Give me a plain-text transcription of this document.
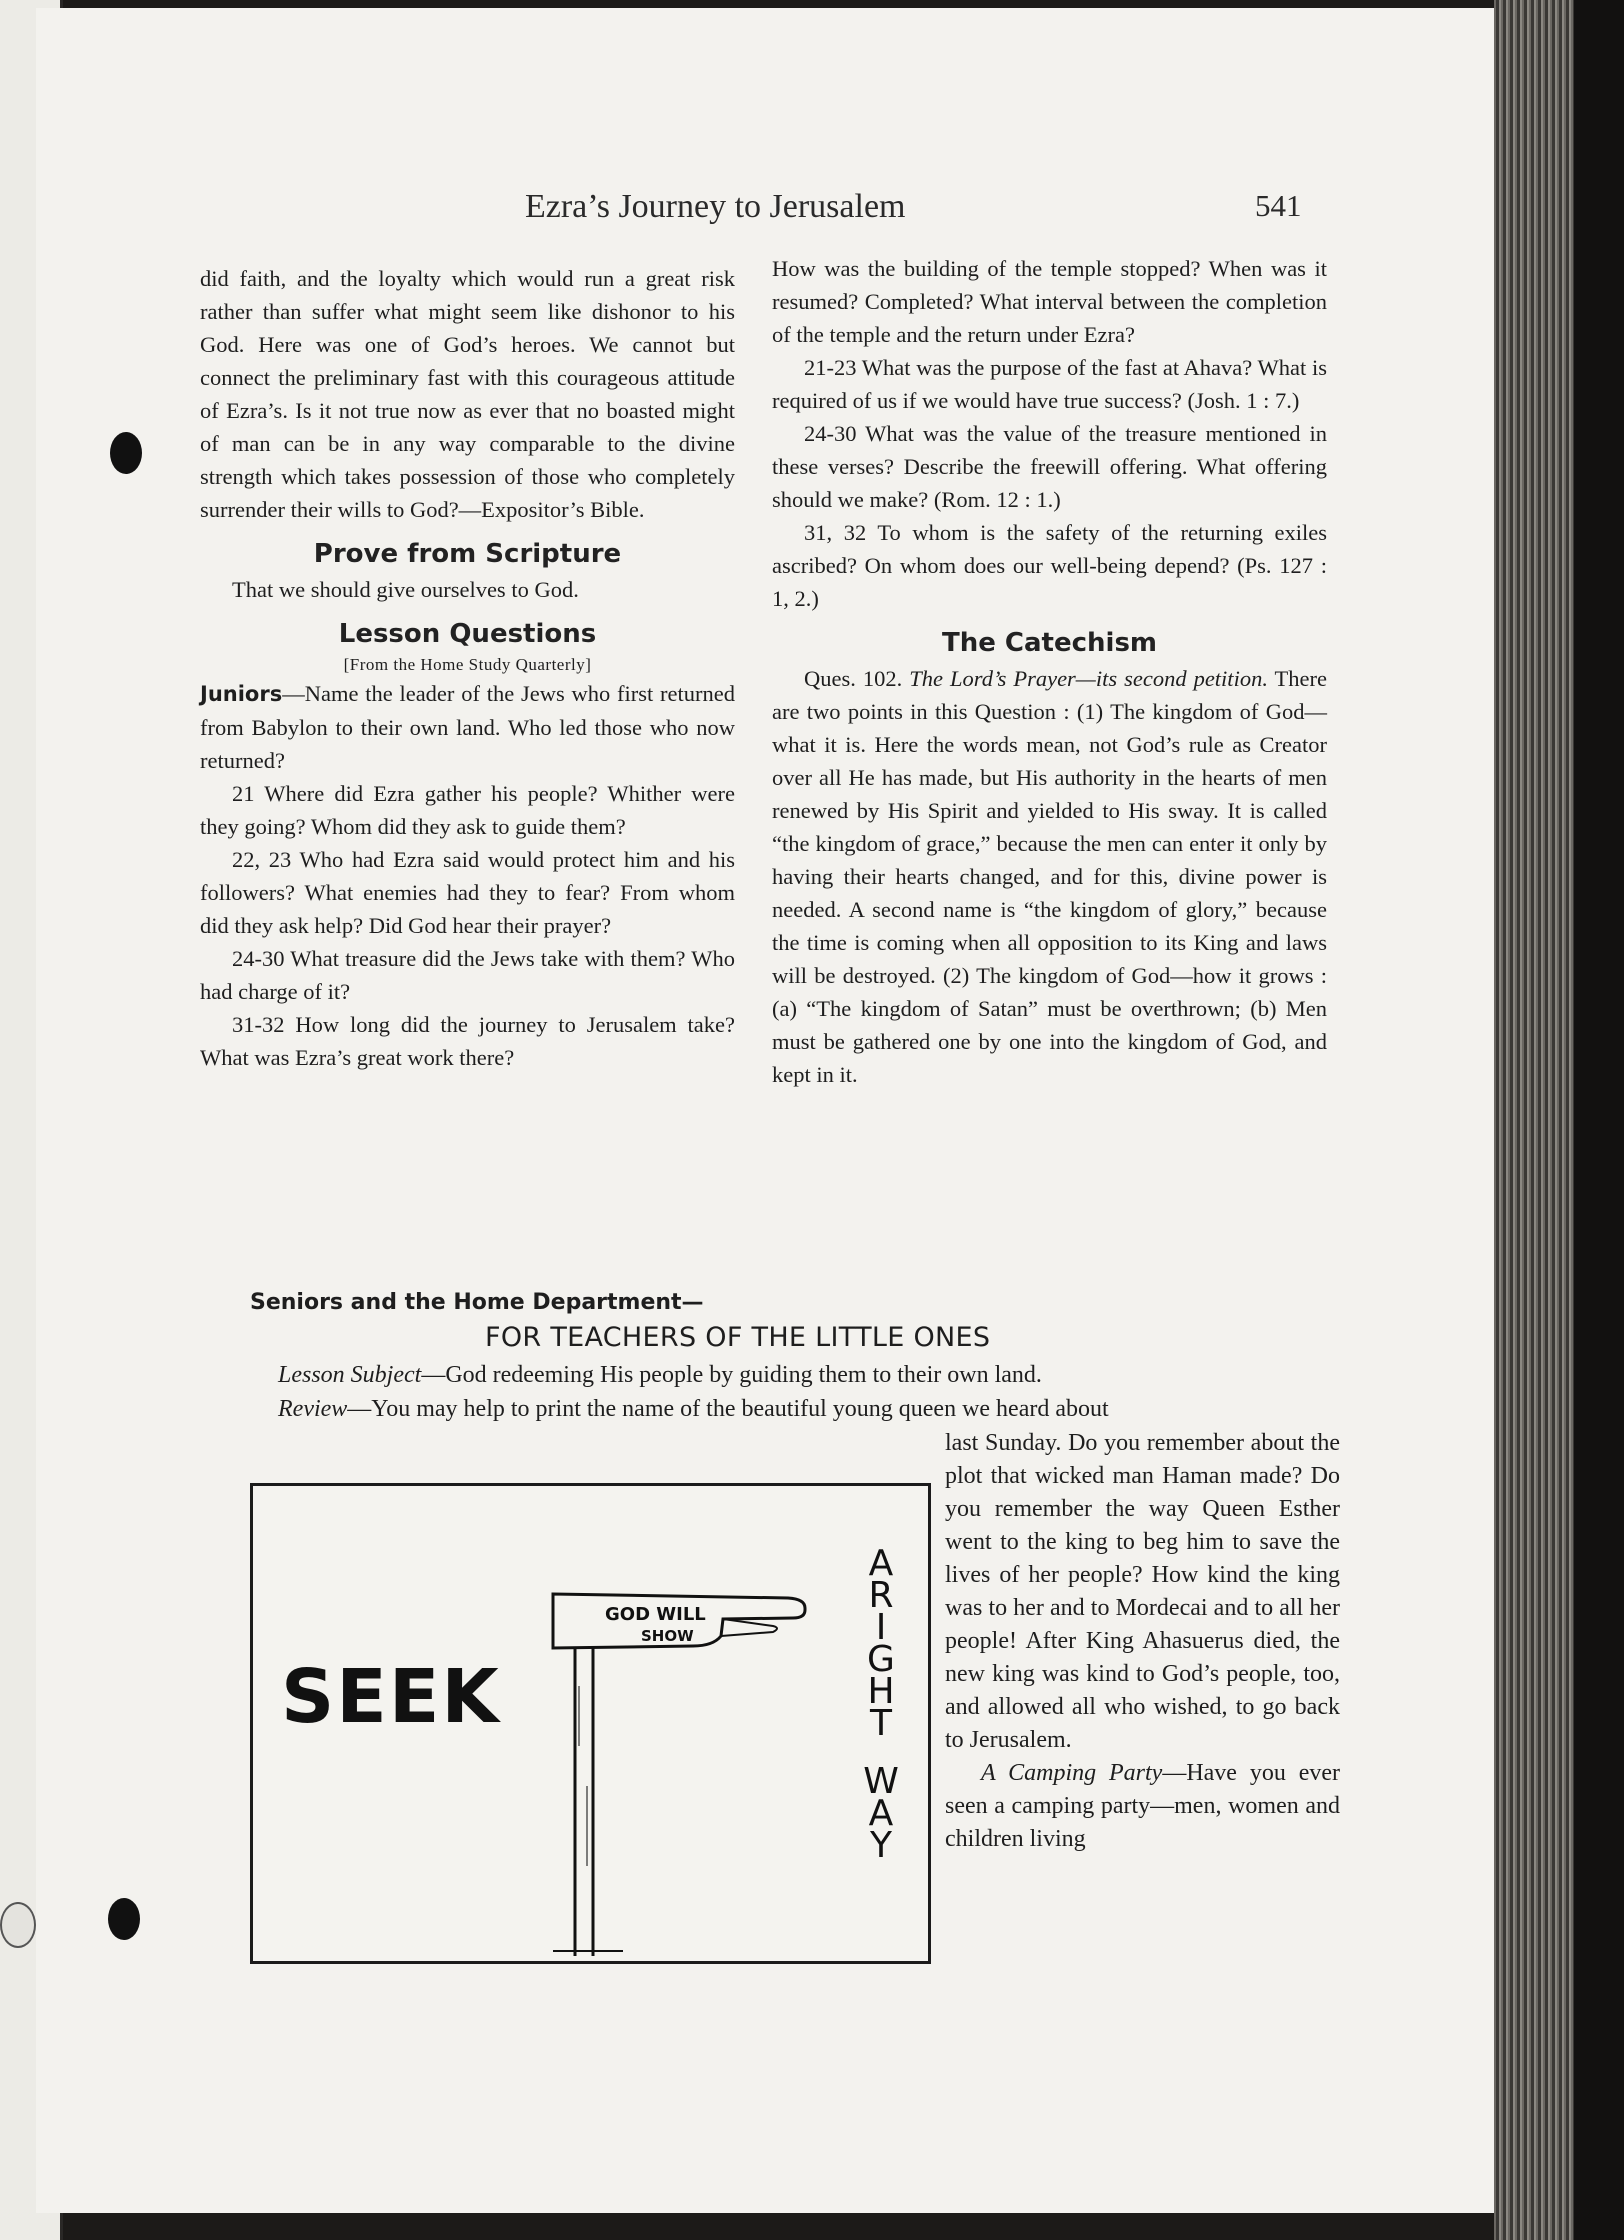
Ezra’s Journey to Jerusalem	541

did faith, and the loyalty which would run a great risk rather than suffer what might seem like dishonor to his God. Here was one of God’s heroes. We cannot but connect the preliminary fast with this courageous attitude of Ezra’s. Is it not true now as ever that no boasted might of man can be in any way comparable to the divine strength which takes possession of those who completely surrender their wills to God?—Expositor’s Bible.

Prove from Scripture

That we should give ourselves to God.

Lesson Questions
[From the Home Study Quarterly]

Juniors—Name the leader of the Jews who first returned from Babylon to their own land. Who led those who now returned?

21 Where did Ezra gather his people? Whither were they going? Whom did they ask to guide them?

22, 23 Who had Ezra said would protect him and his followers? What enemies had they to fear? From whom did they ask help? Did God hear their prayer?

24-30 What treasure did the Jews take with them? Who had charge of it?

31-32 How long did the journey to Jerusalem take? What was Ezra’s great work there?

Seniors and the Home Department—

How was the building of the temple stopped? When was it resumed? Completed? What interval between the completion of the temple and the return under Ezra?

21-23 What was the purpose of the fast at Ahava? What is required of us if we would have true success? (Josh. 1 : 7.)

24-30 What was the value of the treasure mentioned in these verses? Describe the freewill offering. What offering should we make? (Rom. 12 : 1.)

31, 32 To whom is the safety of the returning exiles ascribed? On whom does our well-being depend? (Ps. 127 : 1, 2.)

The Catechism

Ques. 102. The Lord’s Prayer—its second petition. There are two points in this Question : (1) The kingdom of God—what it is. Here the words mean, not God’s rule as Creator over all He has made, but His authority in the hearts of men renewed by His Spirit and yielded to His sway. It is called “the kingdom of grace,” because the men can enter it only by having their hearts changed, and for this, divine power is needed. A second name is “the kingdom of glory,” because the time is coming when all opposition to its King and laws will be destroyed. (2) The kingdom of God—how it grows : (a) “The kingdom of Satan” must be overthrown; (b) Men must be gathered one by one into the kingdom of God, and kept in it.

FOR TEACHERS OF THE LITTLE ONES
Lesson Subject—God redeeming His people by guiding them to their own land.
Review—You may help to print the name of the beautiful young queen we heard about

last Sunday. Do you remember about the plot that wicked man Haman made? Do you remember the way Queen Esther went to the king to beg him to save the lives of her people? How kind the king was to her and to Mordecai and to all her people! After King Ahasuerus died, the new king was kind to God’s people, too, and allowed all who wished, to go back to Jerusalem.

A Camping Party—Have you ever seen a camping party—men, women and children living

GOD WILL
SHOW
SEEK
A
R
I
G
H
T
W
A
Y
